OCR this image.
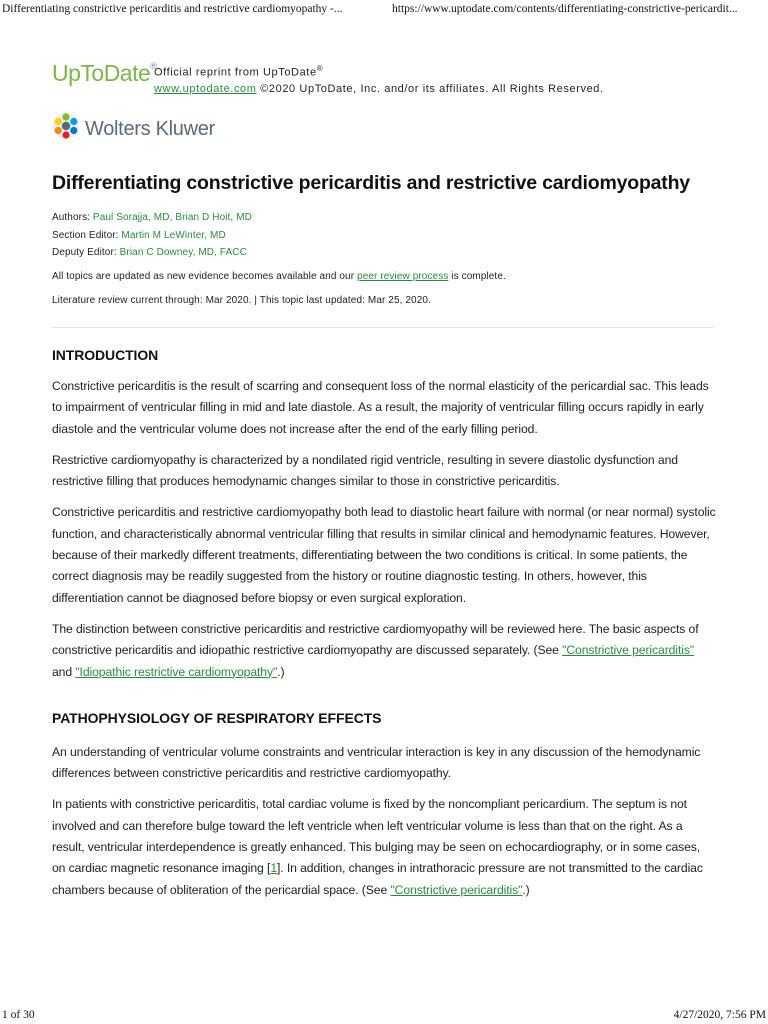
Differentiating constrictive pericarditis and restrictive cardiomyopathy -...	https://www.uptodate.com/contents/differentiating-constrictive-pericardit...
UpToDate®
Official reprint from UpToDate®
www.uptodate.com ©2020 UpToDate, Inc. and/or its affiliates. All Rights Reserved.
Wolters Kluwer
Differentiating constrictive pericarditis and restrictive cardiomyopathy
Authors: Paul Sorajja, MD, Brian D Hoit, MD
Section Editor: Martin M LeWinter, MD
Deputy Editor: Brian C Downey, MD, FACC
All topics are updated as new evidence becomes available and our peer review process is complete.
Literature review current through: Mar 2020. | This topic last updated: Mar 25, 2020.
INTRODUCTION

Constrictive pericarditis is the result of scarring and consequent loss of the normal elasticity of the pericardial sac. This leads to impairment of ventricular filling in mid and late diastole. As a result, the majority of ventricular filling occurs rapidly in early diastole and the ventricular volume does not increase after the end of the early filling period.

Restrictive cardiomyopathy is characterized by a nondilated rigid ventricle, resulting in severe diastolic dysfunction and restrictive filling that produces hemodynamic changes similar to those in constrictive pericarditis.

Constrictive pericarditis and restrictive cardiomyopathy both lead to diastolic heart failure with normal (or near normal) systolic function, and characteristically abnormal ventricular filling that results in similar clinical and hemodynamic features. However, because of their markedly different treatments, differentiating between the two conditions is critical. In some patients, the correct diagnosis may be readily suggested from the history or routine diagnostic testing. In others, however, this differentiation cannot be diagnosed before biopsy or even surgical exploration.

The distinction between constrictive pericarditis and restrictive cardiomyopathy will be reviewed here. The basic aspects of constrictive pericarditis and idiopathic restrictive cardiomyopathy are discussed separately. (See "Constrictive pericarditis" and "Idiopathic restrictive cardiomyopathy".)

PATHOPHYSIOLOGY OF RESPIRATORY EFFECTS

An understanding of ventricular volume constraints and ventricular interaction is key in any discussion of the hemodynamic differences between constrictive pericarditis and restrictive cardiomyopathy.

In patients with constrictive pericarditis, total cardiac volume is fixed by the noncompliant pericardium. The septum is not involved and can therefore bulge toward the left ventricle when left ventricular volume is less than that on the right. As a result, ventricular interdependence is greatly enhanced. This bulging may be seen on echocardiography, or in some cases, on cardiac magnetic resonance imaging [1]. In addition, changes in intrathoracic pressure are not transmitted to the cardiac chambers because of obliteration of the pericardial space. (See "Constrictive pericarditis".)

1 of 30	4/27/2020, 7:56 PM
